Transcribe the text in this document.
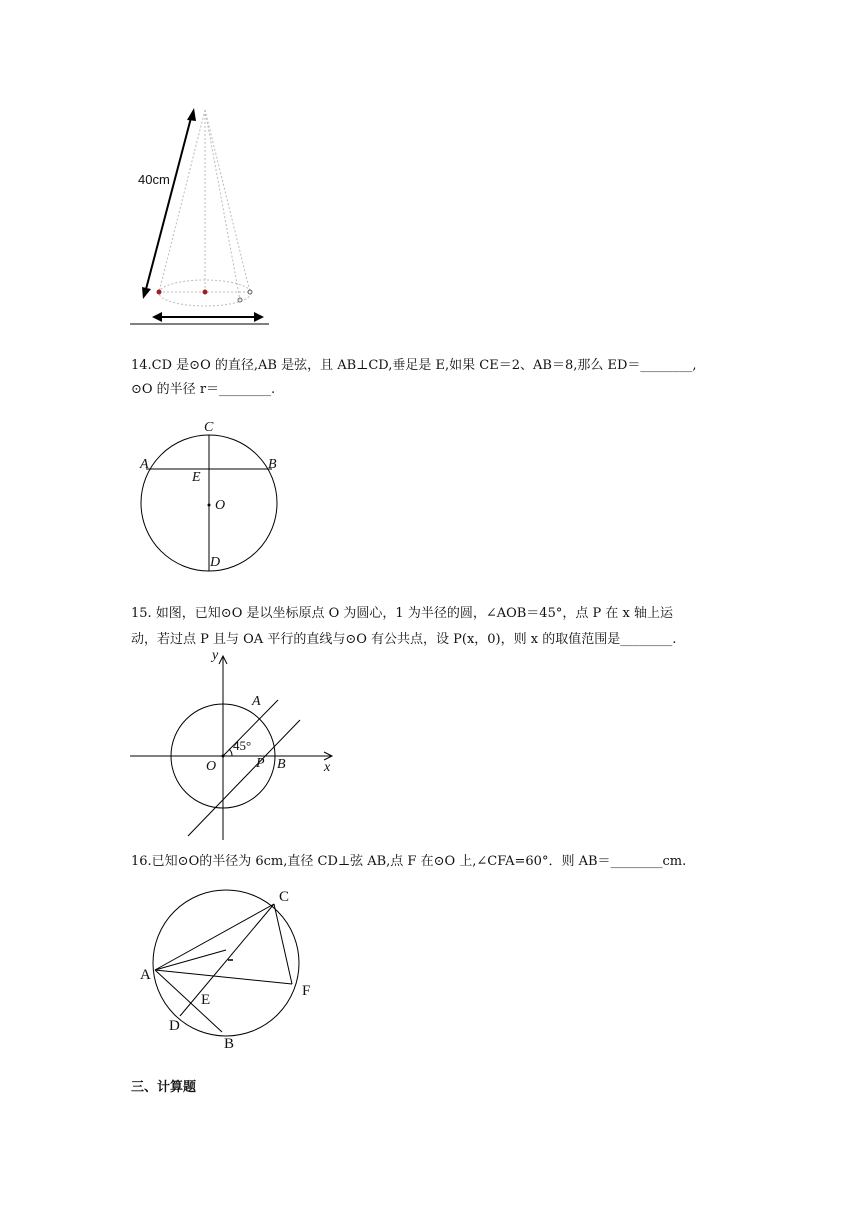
40cm
14.CD 是⊙O 的直径,AB 是弦，且 AB⊥CD,垂足是 E,如果 CE＝2、AB＝8,那么 ED＝________,
⊙O 的半径 r＝________.
C
A	B
E
O
D
15. 如图，已知⊙O 是以坐标原点 O 为圆心，1 为半径的圆，∠AOB＝45°，点 P 在 x 轴上运
动，若过点 P 且与 OA 平行的直线与⊙O 有公共点，设 P(x，0)，则 x 的取值范围是________.
y
x
A
45°
O	P B
16.已知⊙O的半径为 6cm,直径 CD⊥弦 AB,点 F 在⊙O 上,∠CFA=60°．则 AB＝________cm.
C
A
F
E
D
B
三、计算题
